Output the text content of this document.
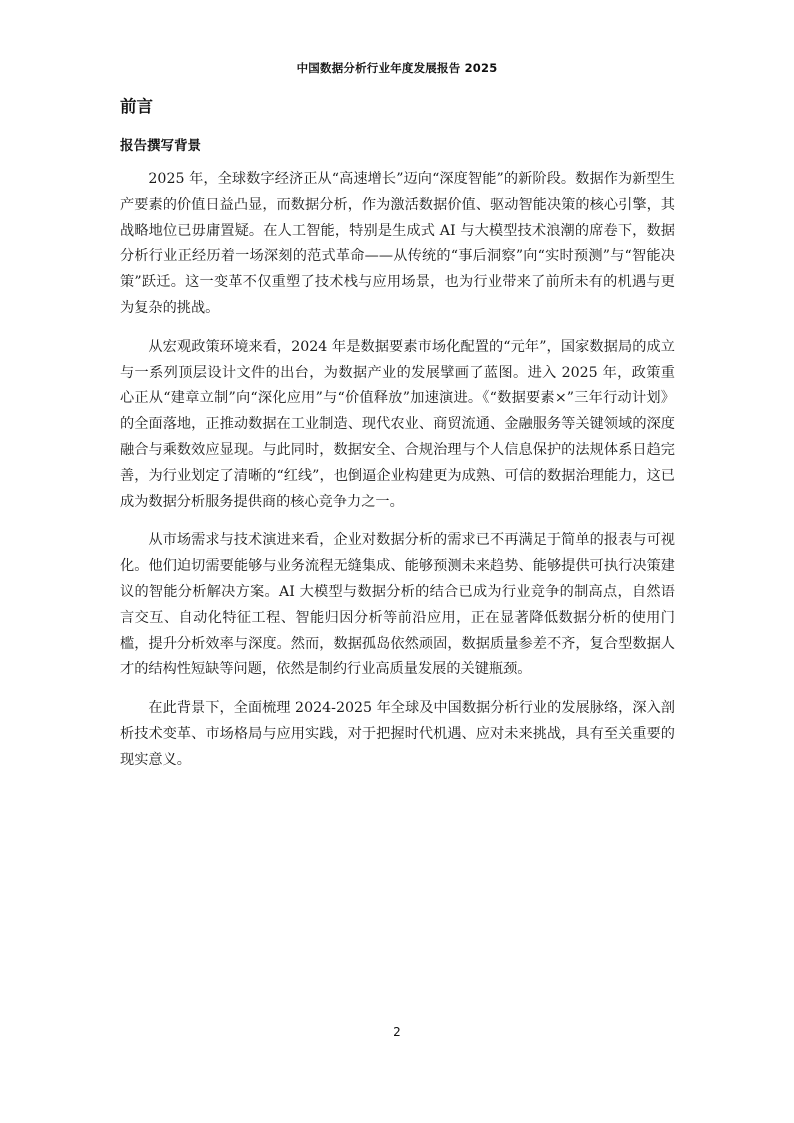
中国数据分析行业年度发展报告 2025
前言
报告撰写背景

2025 年，全球数字经济正从“高速增长”迈向“深度智能”的新阶段。数据作为新型生产要素的价值日益凸显，而数据分析，作为激活数据价值、驱动智能决策的核心引擎，其战略地位已毋庸置疑。在人工智能，特别是生成式 AI 与大模型技术浪潮的席卷下，数据分析行业正经历着一场深刻的范式革命——从传统的“事后洞察”向“实时预测”与“智能决策”跃迁。这一变革不仅重塑了技术栈与应用场景，也为行业带来了前所未有的机遇与更为复杂的挑战。

从宏观政策环境来看，2024 年是数据要素市场化配置的“元年”，国家数据局的成立与一系列顶层设计文件的出台，为数据产业的发展擘画了蓝图。进入 2025 年，政策重心正从“建章立制”向“深化应用”与“价值释放”加速演进。《“数据要素×”三年行动计划》的全面落地，正推动数据在工业制造、现代农业、商贸流通、金融服务等关键领域的深度融合与乘数效应显现。与此同时，数据安全、合规治理与个人信息保护的法规体系日趋完善，为行业划定了清晰的“红线”，也倒逼企业构建更为成熟、可信的数据治理能力，这已成为数据分析服务提供商的核心竞争力之一。

从市场需求与技术演进来看，企业对数据分析的需求已不再满足于简单的报表与可视化。他们迫切需要能够与业务流程无缝集成、能够预测未来趋势、能够提供可执行决策建议的智能分析解决方案。AI 大模型与数据分析的结合已成为行业竞争的制高点，自然语言交互、自动化特征工程、智能归因分析等前沿应用，正在显著降低数据分析的使用门槛，提升分析效率与深度。然而，数据孤岛依然顽固，数据质量参差不齐，复合型数据人才的结构性短缺等问题，依然是制约行业高质量发展的关键瓶颈。

在此背景下，全面梳理 2024-2025 年全球及中国数据分析行业的发展脉络，深入剖析技术变革、市场格局与应用实践，对于把握时代机遇、应对未来挑战，具有至关重要的现实意义。

2
